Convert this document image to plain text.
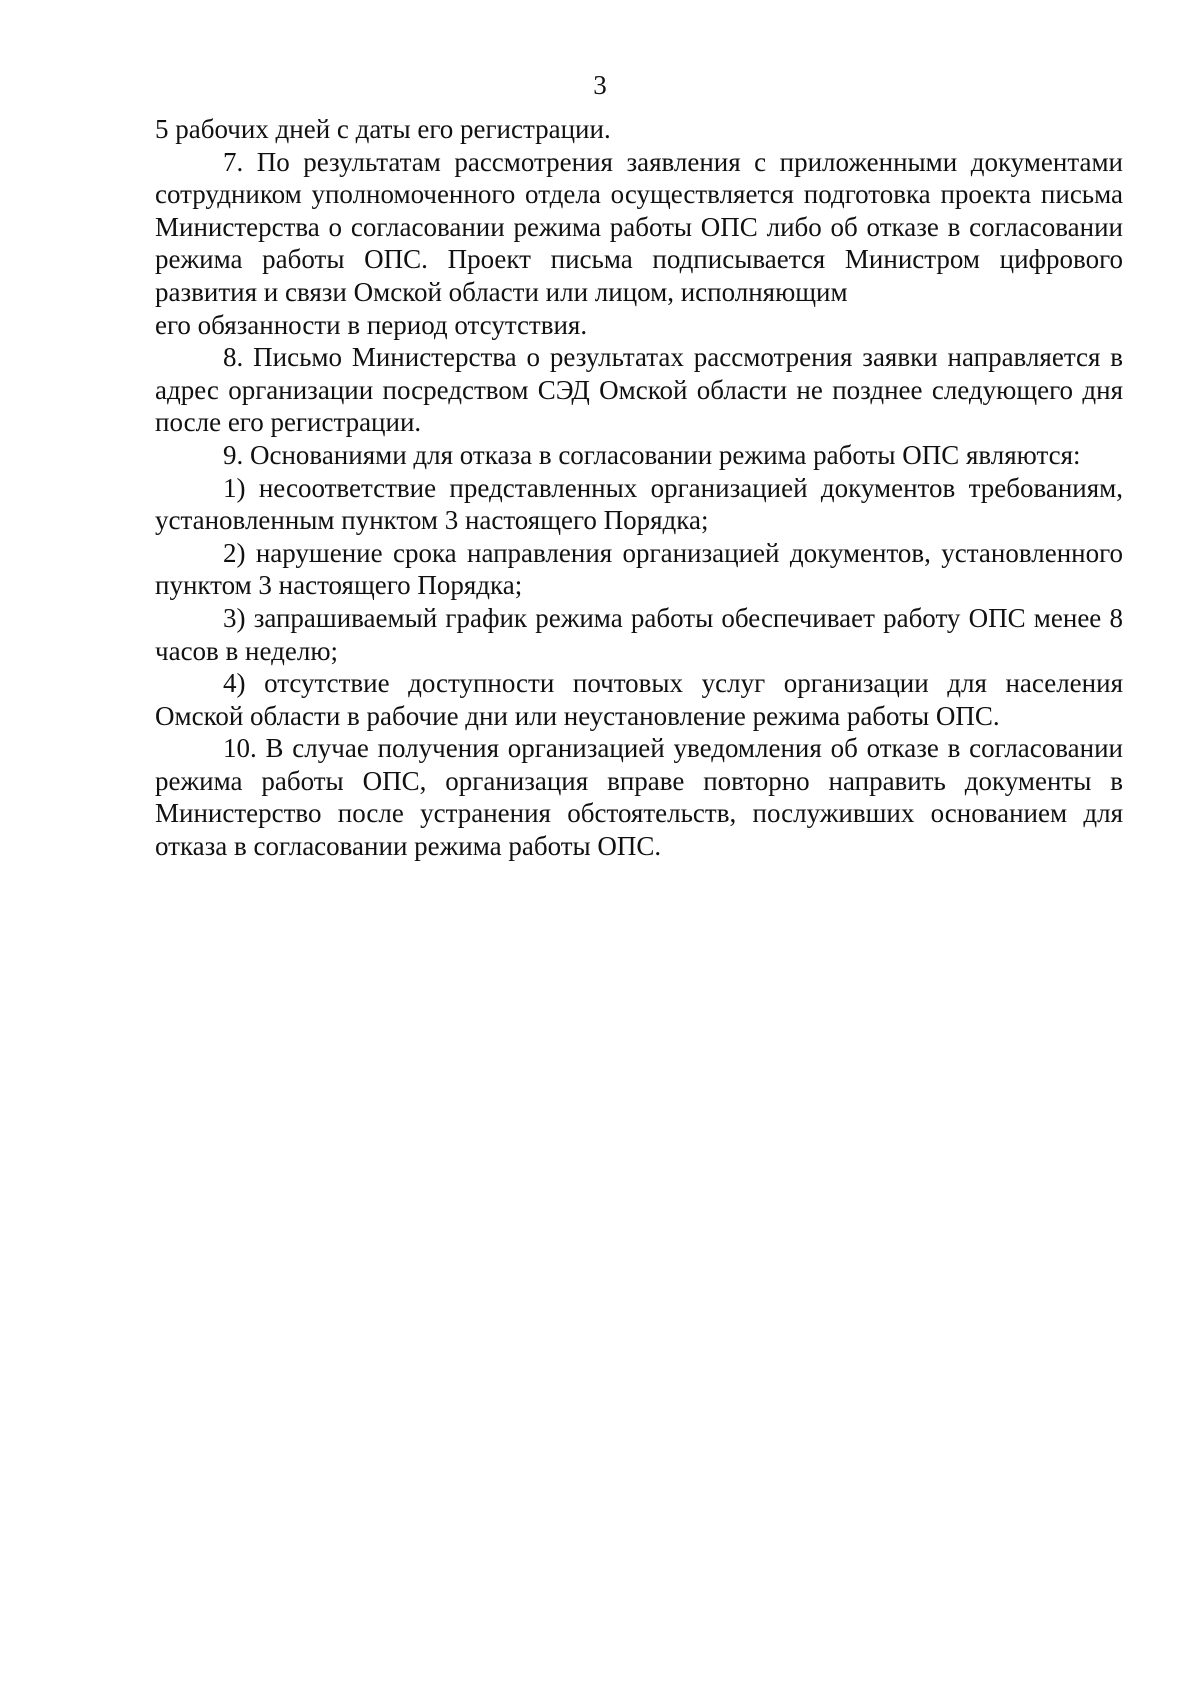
3

5 рабочих дней с даты его регистрации.

7. По результатам рассмотрения заявления с приложенными документами сотрудником уполномоченного отдела осуществляется подготовка проекта письма Министерства о согласовании режима работы ОПС либо об отказе в согласовании режима работы ОПС. Проект письма подписывается Министром цифрового развития и связи Омской области или лицом, исполняющим

его обязанности в период отсутствия.

8. Письмо Министерства о результатах рассмотрения заявки направляется в адрес организации посредством СЭД Омской области не позднее следующего дня после его регистрации.

9. Основаниями для отказа в согласовании режима работы ОПС являются:

1) несоответствие представленных организацией документов требованиям, установленным пунктом 3 настоящего Порядка;

2) нарушение срока направления организацией документов, установленного пунктом 3 настоящего Порядка;

3) запрашиваемый график режима работы обеспечивает работу ОПС менее 8 часов в неделю;

4) отсутствие доступности почтовых услуг организации для населения Омской области в рабочие дни или неустановление режима работы ОПС.

10. В случае получения организацией уведомления об отказе в согласовании режима работы ОПС, организация вправе повторно направить документы в Министерство после устранения обстоятельств, послуживших основанием для отказа в согласовании режима работы ОПС.
